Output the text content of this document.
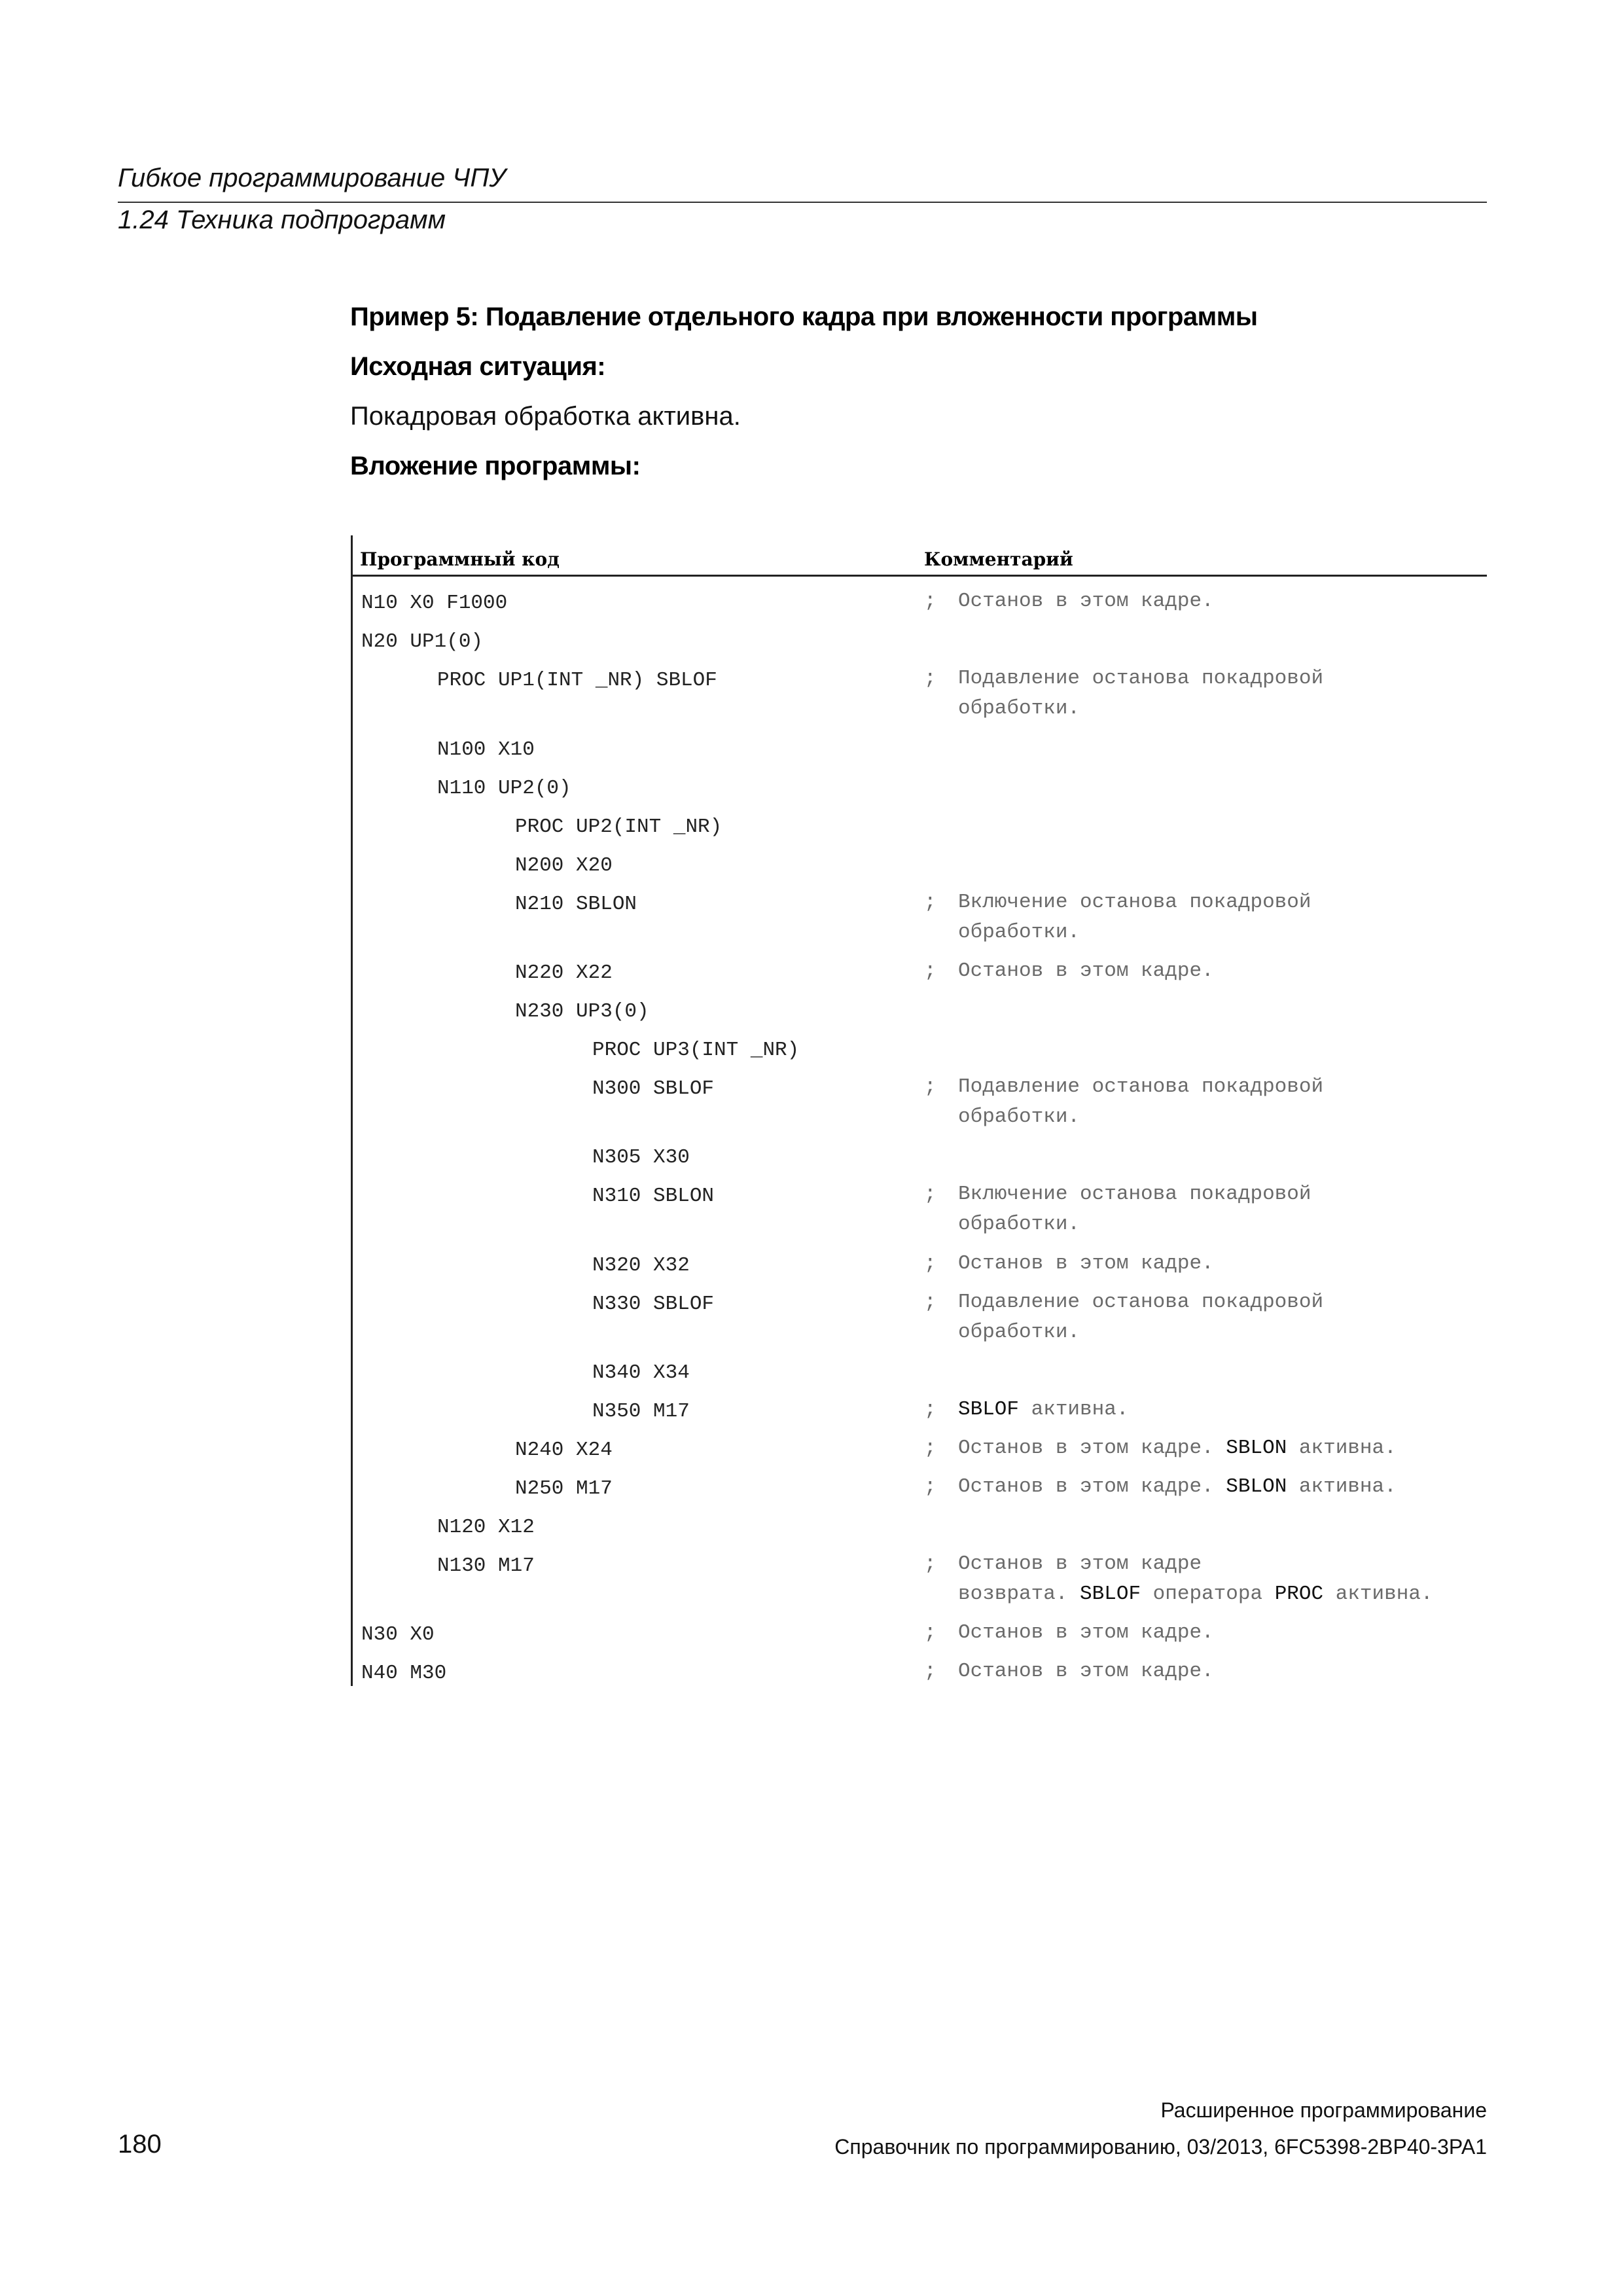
Гибкое программирование ЧПУ
1.24 Техника подпрограмм
Пример 5: Подавление отдельного кадра при вложенности программы
Исходная ситуация:
Покадровая обработка активна.
Вложение программы:
Программный код	Комментарий
N10 X0 F1000	; Останов в этом кадре.
N20 UP1(0)
PROC UP1(INT _NR) SBLOF	; Подавление останова покадровой
обработки.
N100 X10
N110 UP2(0)
PROC UP2(INT _NR)
N200 X20
N210 SBLON	; Включение останова покадровой
обработки.
N220 X22	; Останов в этом кадре.
N230 UP3(0)
PROC UP3(INT _NR)
N300 SBLOF	; Подавление останова покадровой
обработки.
N305 X30
N310 SBLON	; Включение останова покадровой
обработки.
N320 X32	; Останов в этом кадре.
N330 SBLOF	; Подавление останова покадровой
обработки.
N340 X34
N350 M17	; SBLOF активна.
N240 X24	; Останов в этом кадре. SBLON активна.
N250 M17	; Останов в этом кадре. SBLON активна.
N120 X12
N130 M17	; Останов в этом кадре
возврата. SBLOF оператора PROC активна.
N30 X0	; Останов в этом кадре.
N40 M30	; Останов в этом кадре.
Расширенное программирование
180	Справочник по программированию, 03/2013, 6FC5398-2BP40-3PA1
